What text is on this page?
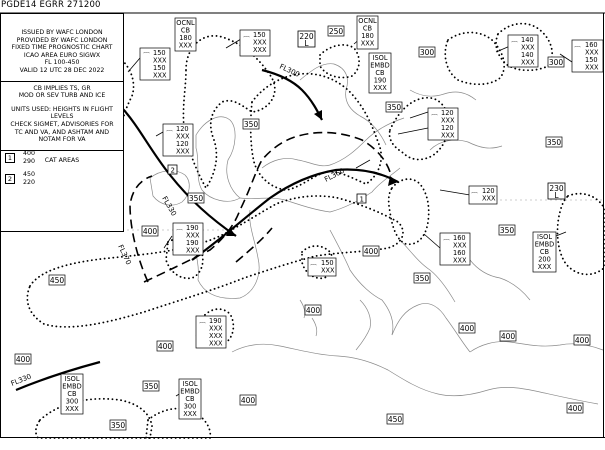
FL300
FL330
FL370
FL360
FL330
2
1
220
L
230
L
250
300
300
350
350
350
350
350
350
400
400
400
400
400
400	400
400
400
400
450
450
350
350
OCNL
CB
180
XXX
OCNL
CB
180
XXX
ISOL
EMBD
CB
190
XXX
ISOL
EMBD
CB
200
XXX
ISOL
EMBD
CB
300
XXX
ISOL
EMBD
CB
300
XXX
⌒ 150
XXX
150
XXX
⌒
150
XXX
XXX
⌒
140
XXX
140
XXX
⌒
160
XXX
150
XXX
⌒
120
XXX
120
XXX
⌒
120
XXX
120
XXX
⌒
190
XXX
190
XXX
⌒
160
XXX
160
XXX
⌒
120
XXX
⌒
150
XXX
⌒
190
XXX
XXX
XXX
PGDE14 EGRR 271200
ISSUED BY WAFC LONDON
PROVIDED BY WAFC LONDON
FIXED TIME PROGNOSTIC CHART
ICAO AREA EURO SIGWX
FL 100-450
VALID 12 UTC 28 DEC 2022
CB IMPLIES TS, GR
MOD OR SEV TURB AND ICE
UNITS USED: HEIGHTS IN FLIGHT LEVELS
CHECK SIGMET, ADVISORIES FOR
TC AND VA, AND ASHTAM AND
NOTAM FOR VA
CAT AREAS
1
400
290
2
450
220
